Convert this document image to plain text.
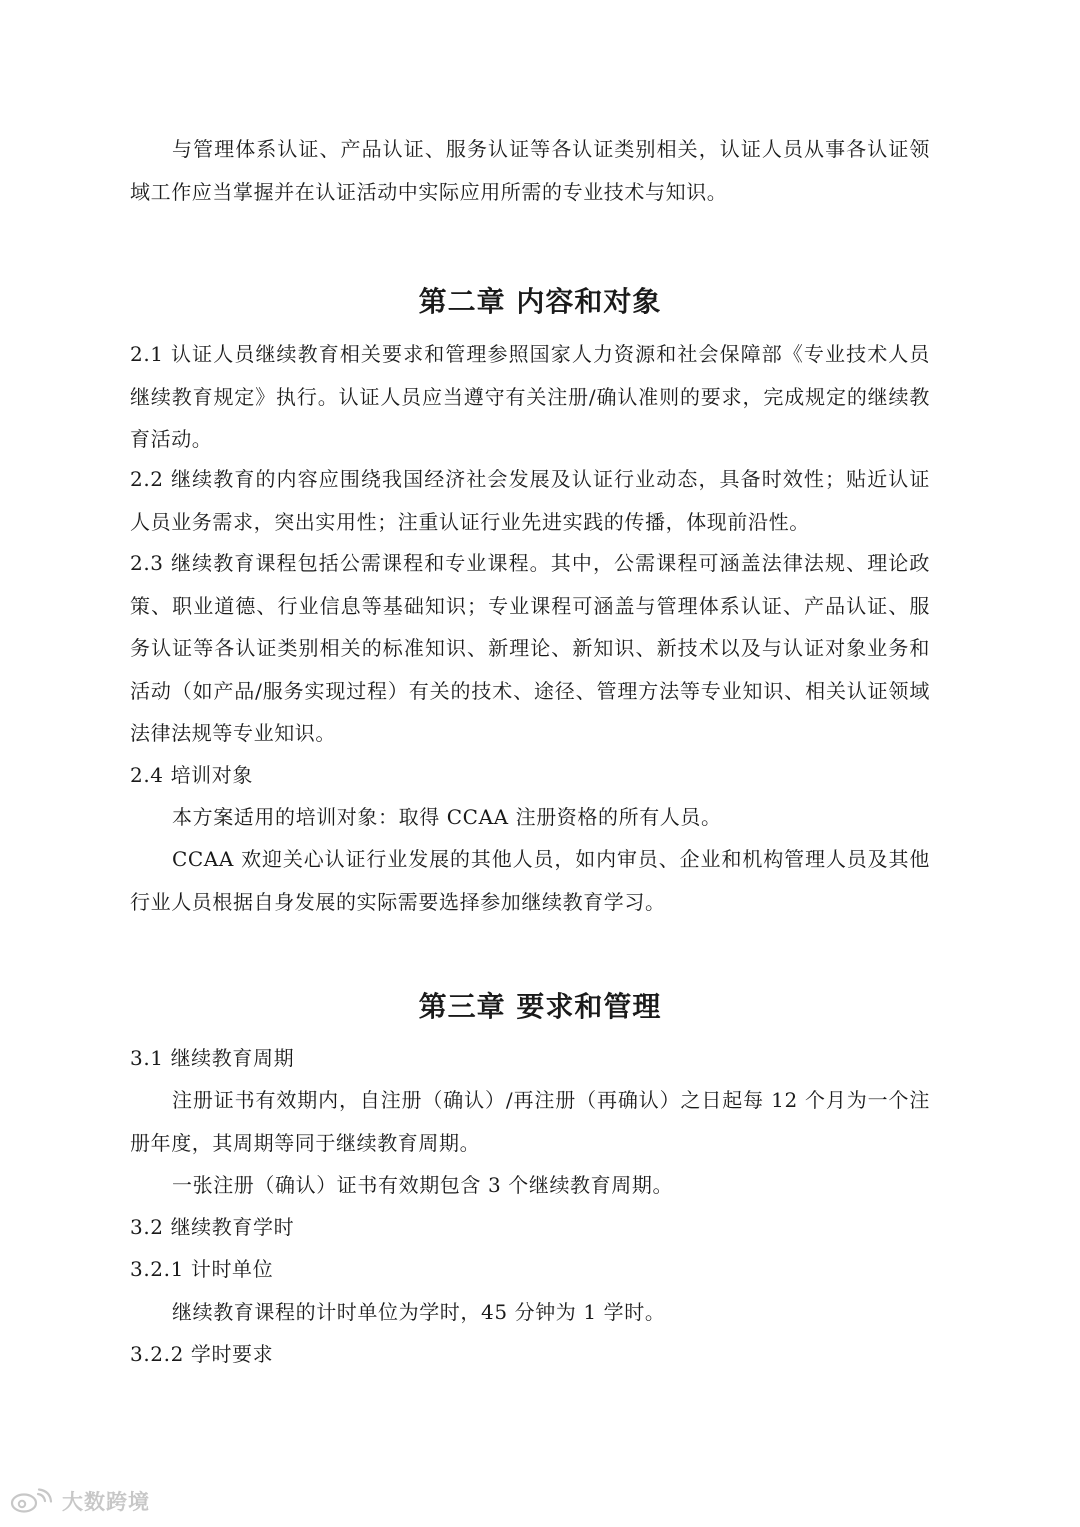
与管理体系认证、产品认证、服务认证等各认证类别相关，认证人员从事各认证领域工作应当掌握并在认证活动中实际应用所需的专业技术与知识。

第二章 内容和对象

2.1 认证人员继续教育相关要求和管理参照国家人力资源和社会保障部《专业技术人员继续教育规定》执行。认证人员应当遵守有关注册/确认准则的要求，完成规定的继续教育活动。

2.2 继续教育的内容应围绕我国经济社会发展及认证行业动态，具备时效性；贴近认证人员业务需求，突出实用性；注重认证行业先进实践的传播，体现前沿性。

2.3 继续教育课程包括公需课程和专业课程。其中，公需课程可涵盖法律法规、理论政策、职业道德、行业信息等基础知识；专业课程可涵盖与管理体系认证、产品认证、服务认证等各认证类别相关的标准知识、新理论、新知识、新技术以及与认证对象业务和活动（如产品/服务实现过程）有关的技术、途径、管理方法等专业知识、相关认证领域法律法规等专业知识。

2.4 培训对象

本方案适用的培训对象：取得 CCAA 注册资格的所有人员。

CCAA 欢迎关心认证行业发展的其他人员，如内审员、企业和机构管理人员及其他行业人员根据自身发展的实际需要选择参加继续教育学习。

第三章 要求和管理

3.1 继续教育周期

注册证书有效期内，自注册（确认）/再注册（再确认）之日起每 12 个月为一个注册年度，其周期等同于继续教育周期。

一张注册（确认）证书有效期包含 3 个继续教育周期。

3.2 继续教育学时

3.2.1 计时单位

继续教育课程的计时单位为学时，45 分钟为 1 学时。

3.2.2 学时要求

大数跨境
